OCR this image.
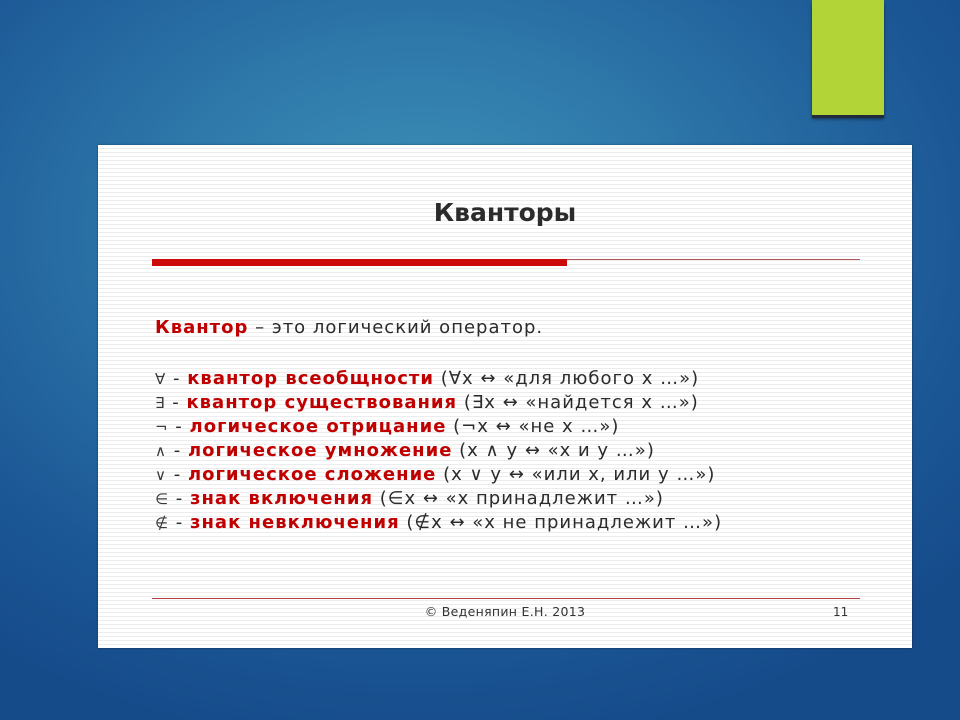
Кванторы

Квантор – это логический оператор.

∀ - квантор всеобщности (∀x ↔ «для любого x …»)
∃ - квантор существования (∃x ↔ «найдется x …»)
¬ - логическое отрицание (¬x ↔ «не x …»)
∧ - логическое умножение (x ∧ y ↔ «x и y …»)
∨ - логическое сложение (x ∨ y ↔ «или x, или y …»)
∈ - знак включения (∈x ↔ «x принадлежит …»)
∉ - знак невключения (∉x ↔ «x не принадлежит …»)
© Веденяпин Е.Н. 2013	11
